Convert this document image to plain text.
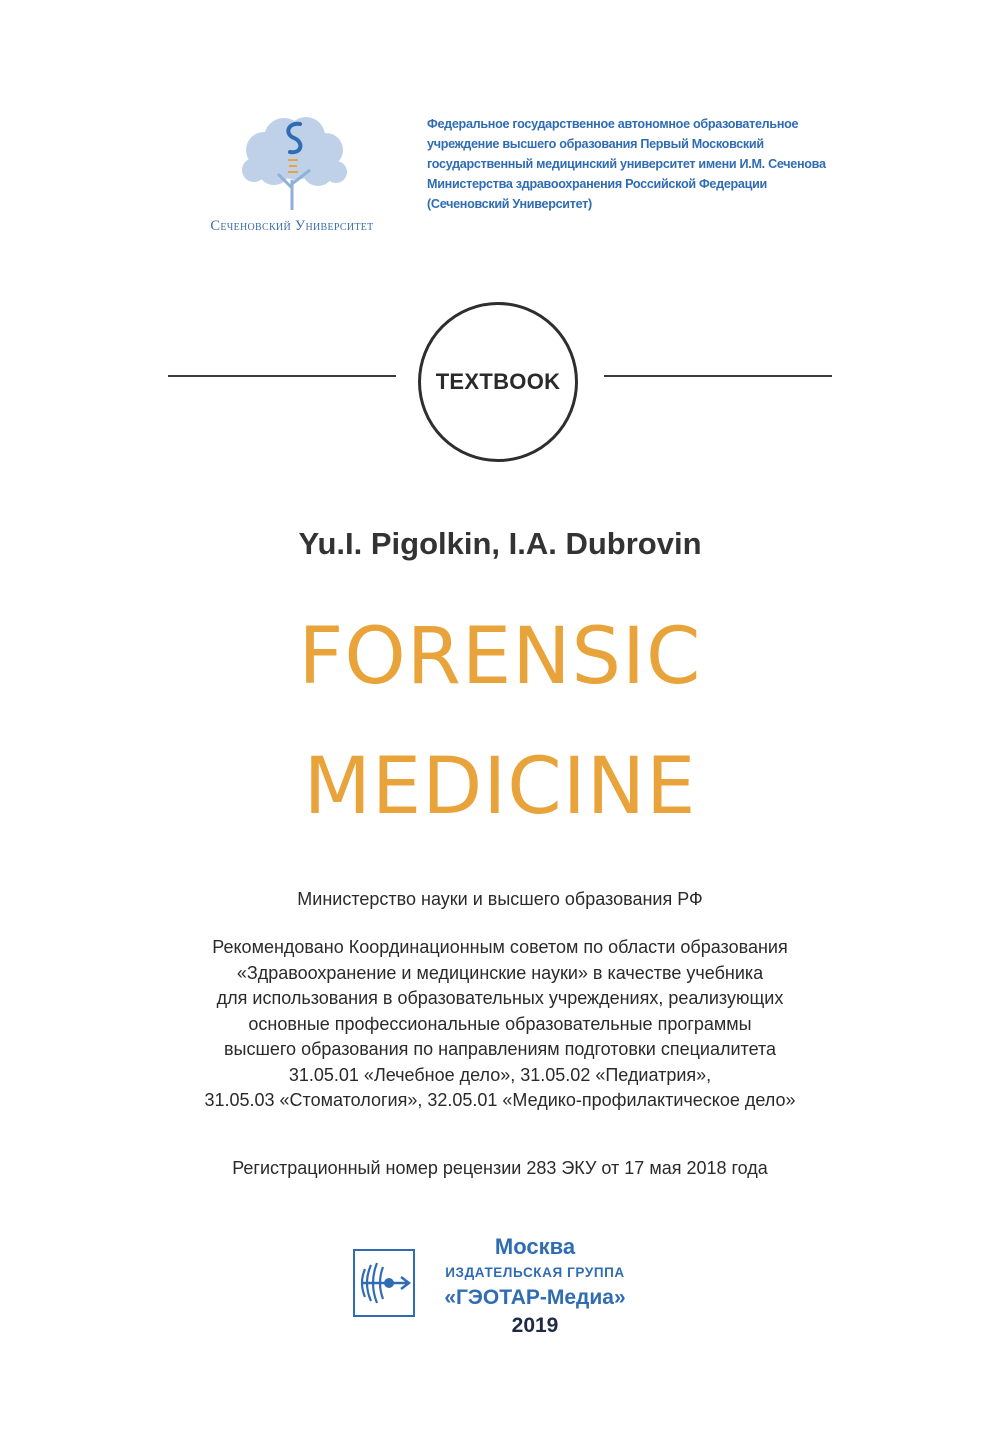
Сеченовский Университет
Федеральное государственное автономное образовательное
учреждение высшего образования Первый Московский
государственный медицинский университет имени И.М. Сеченова
Министерства здравоохранения Российской Федерации
(Сеченовский Университет)
TEXTBOOK
Yu.I. Pigolkin, I.A. Dubrovin
FORENSIC
MEDICINE
Министерство науки и высшего образования РФ
Рекомендовано Координационным советом по области образования
«Здравоохранение и медицинские науки» в качестве учебника
для использования в образовательных учреждениях, реализующих
основные профессиональные образовательные программы
высшего образования по направлениям подготовки специалитета
31.05.01 «Лечебное дело», 31.05.02 «Педиатрия»,
31.05.03 «Стоматология», 32.05.01 «Медико-профилактическое дело»
Регистрационный номер рецензии 283 ЭКУ от 17 мая 2018 года
Москва
ИЗДАТЕЛЬСКАЯ ГРУППА
«ГЭОТАР-Медиа»
2019
